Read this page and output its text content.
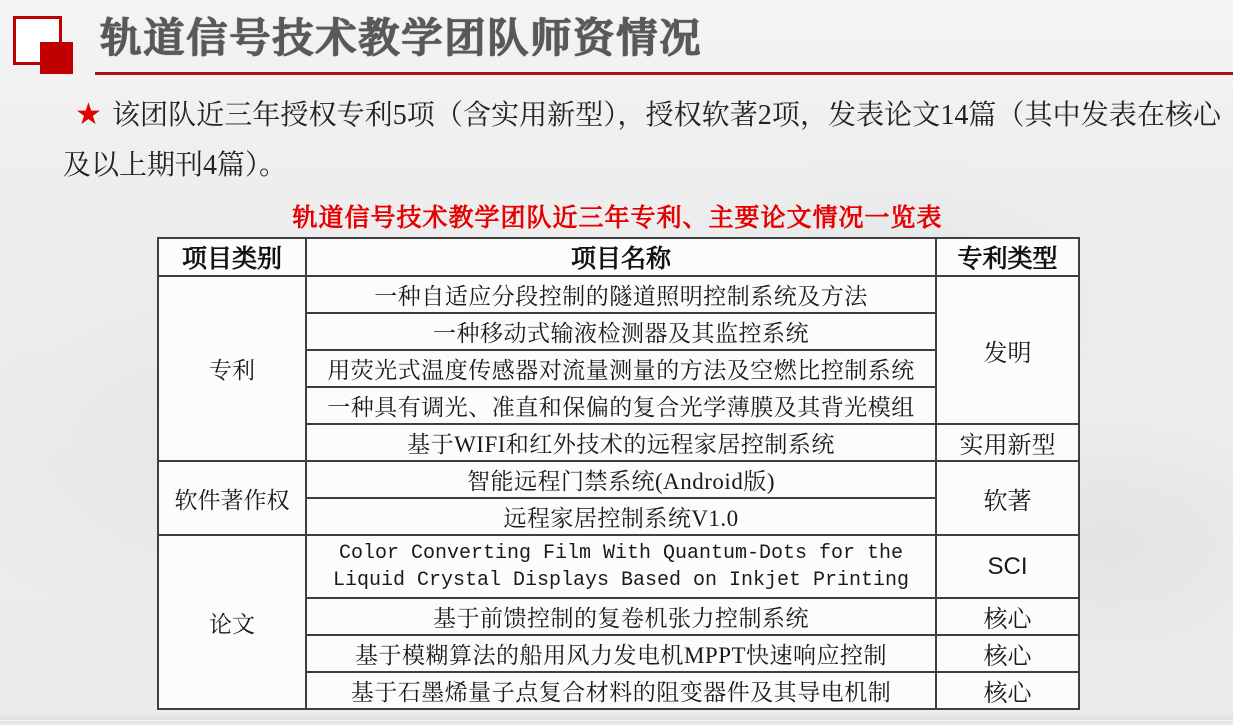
轨道信号技术教学团队师资情况

★ 该团队近三年授权专利5项（含实用新型），授权软著2项，发表论文14篇（其中发表在核心及以上期刊4篇）。

轨道信号技术教学团队近三年专利、主要论文情况一览表
项目类别	项目名称	专利类型
专利	一种自适应分段控制的隧道照明控制系统及方法	发明
	一种移动式输液检测器及其监控系统	
	用荧光式温度传感器对流量测量的方法及空燃比控制系统	
	一种具有调光、准直和保偏的复合光学薄膜及其背光模组	
	基于WIFI和红外技术的远程家居控制系统	实用新型
软件著作权	智能远程门禁系统(Android版)	软著
	远程家居控制系统V1.0	
论文	Color Converting Film With Quantum-Dots for the Liquid Crystal Displays Based on Inkjet Printing	SCI
	基于前馈控制的复卷机张力控制系统	核心
	基于模糊算法的船用风力发电机MPPT快速响应控制	核心
	基于石墨烯量子点复合材料的阻变器件及其导电机制	核心
